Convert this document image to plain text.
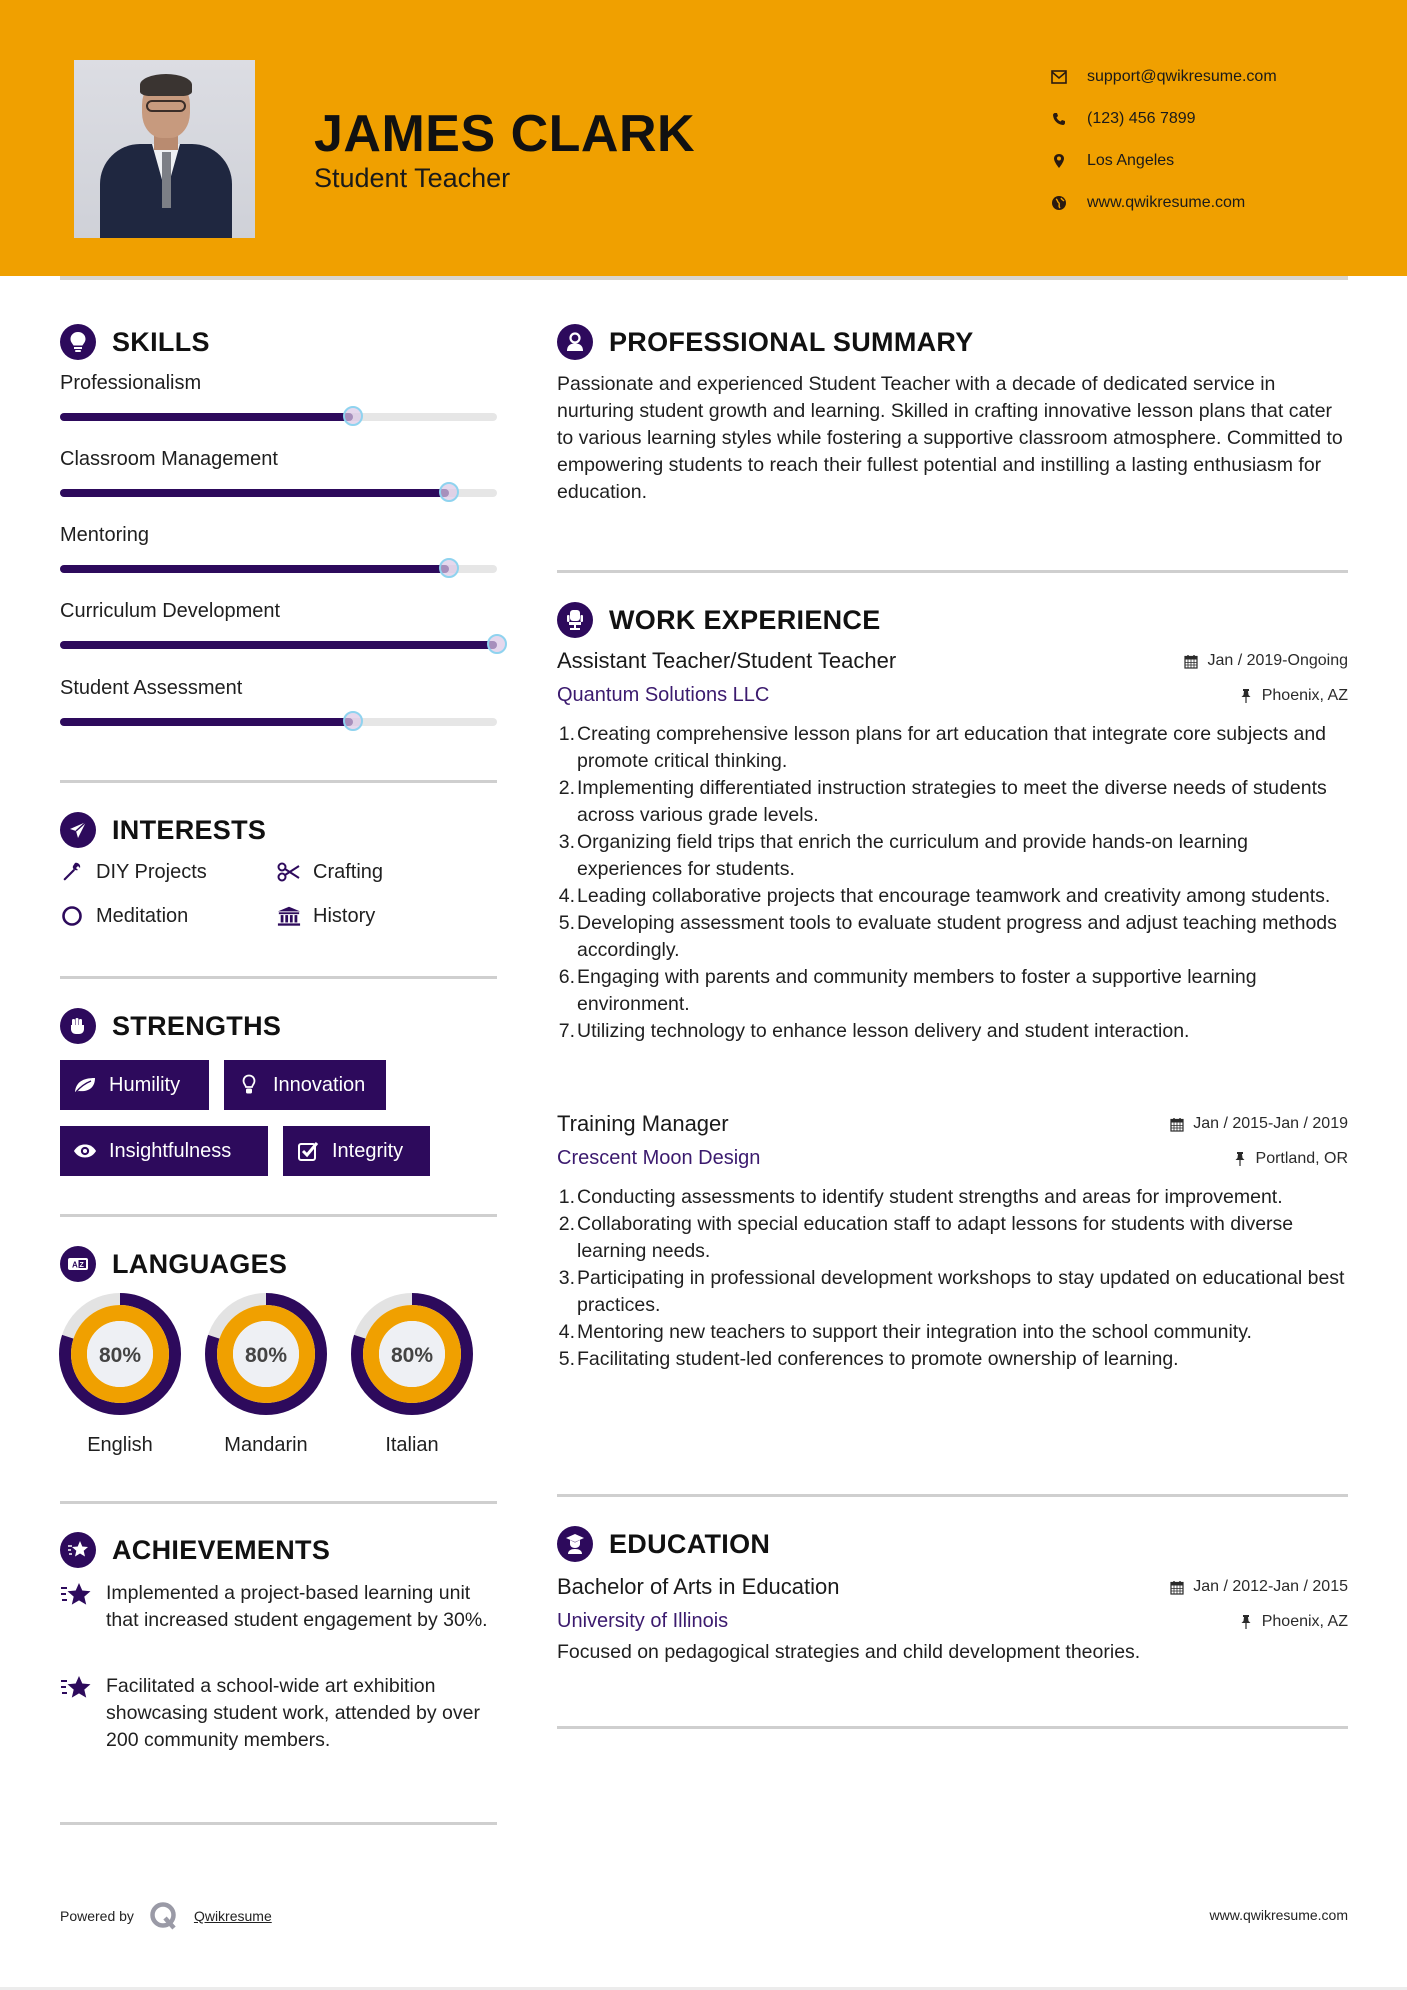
JAMES CLARK
Student Teacher
support@qwikresume.com
(123) 456 7899
Los Angeles
www.qwikresume.com
SKILLS
Professionalism
Classroom Management
Mentoring
Curriculum Development
Student Assessment
INTERESTS
DIY Projects	Crafting
Meditation	History
STRENGTHS
Humility	Innovation
Insightfulness	Integrity
A Z LANGUAGES
80%
English
80%
Mandarin
80%
Italian
ACHIEVEMENTS
Implemented a project-based learning unit that increased student engagement by 30%.
Facilitated a school-wide art exhibition showcasing student work, attended by over 200 community members.
PROFESSIONAL SUMMARY
Passionate and experienced Student Teacher with a decade of dedicated service in nurturing student growth and learning. Skilled in crafting innovative lesson plans that cater to various learning styles while fostering a supportive classroom atmosphere. Committed to empowering students to reach their fullest potential and instilling a lasting enthusiasm for education.
WORK EXPERIENCE
Assistant Teacher/Student Teacher	Jan / 2019-Ongoing
Quantum Solutions LLC	Phoenix, AZ
1. Creating comprehensive lesson plans for art education that integrate core subjects and promote critical thinking.
2. Implementing differentiated instruction strategies to meet the diverse needs of students across various grade levels.
3. Organizing field trips that enrich the curriculum and provide hands-on learning experiences for students.
4. Leading collaborative projects that encourage teamwork and creativity among students.
5. Developing assessment tools to evaluate student progress and adjust teaching methods accordingly.
6. Engaging with parents and community members to foster a supportive learning environment.
7. Utilizing technology to enhance lesson delivery and student interaction.
Training Manager	Jan / 2015-Jan / 2019
Crescent Moon Design	Portland, OR
1. Conducting assessments to identify student strengths and areas for improvement.
2. Collaborating with special education staff to adapt lessons for students with diverse learning needs.
3. Participating in professional development workshops to stay updated on educational best practices.
4. Mentoring new teachers to support their integration into the school community.
5. Facilitating student-led conferences to promote ownership of learning.
EDUCATION
Bachelor of Arts in Education	Jan / 2012-Jan / 2015
University of Illinois	Phoenix, AZ
Focused on pedagogical strategies and child development theories.
Powered by	Qwikresume	www.qwikresume.com
